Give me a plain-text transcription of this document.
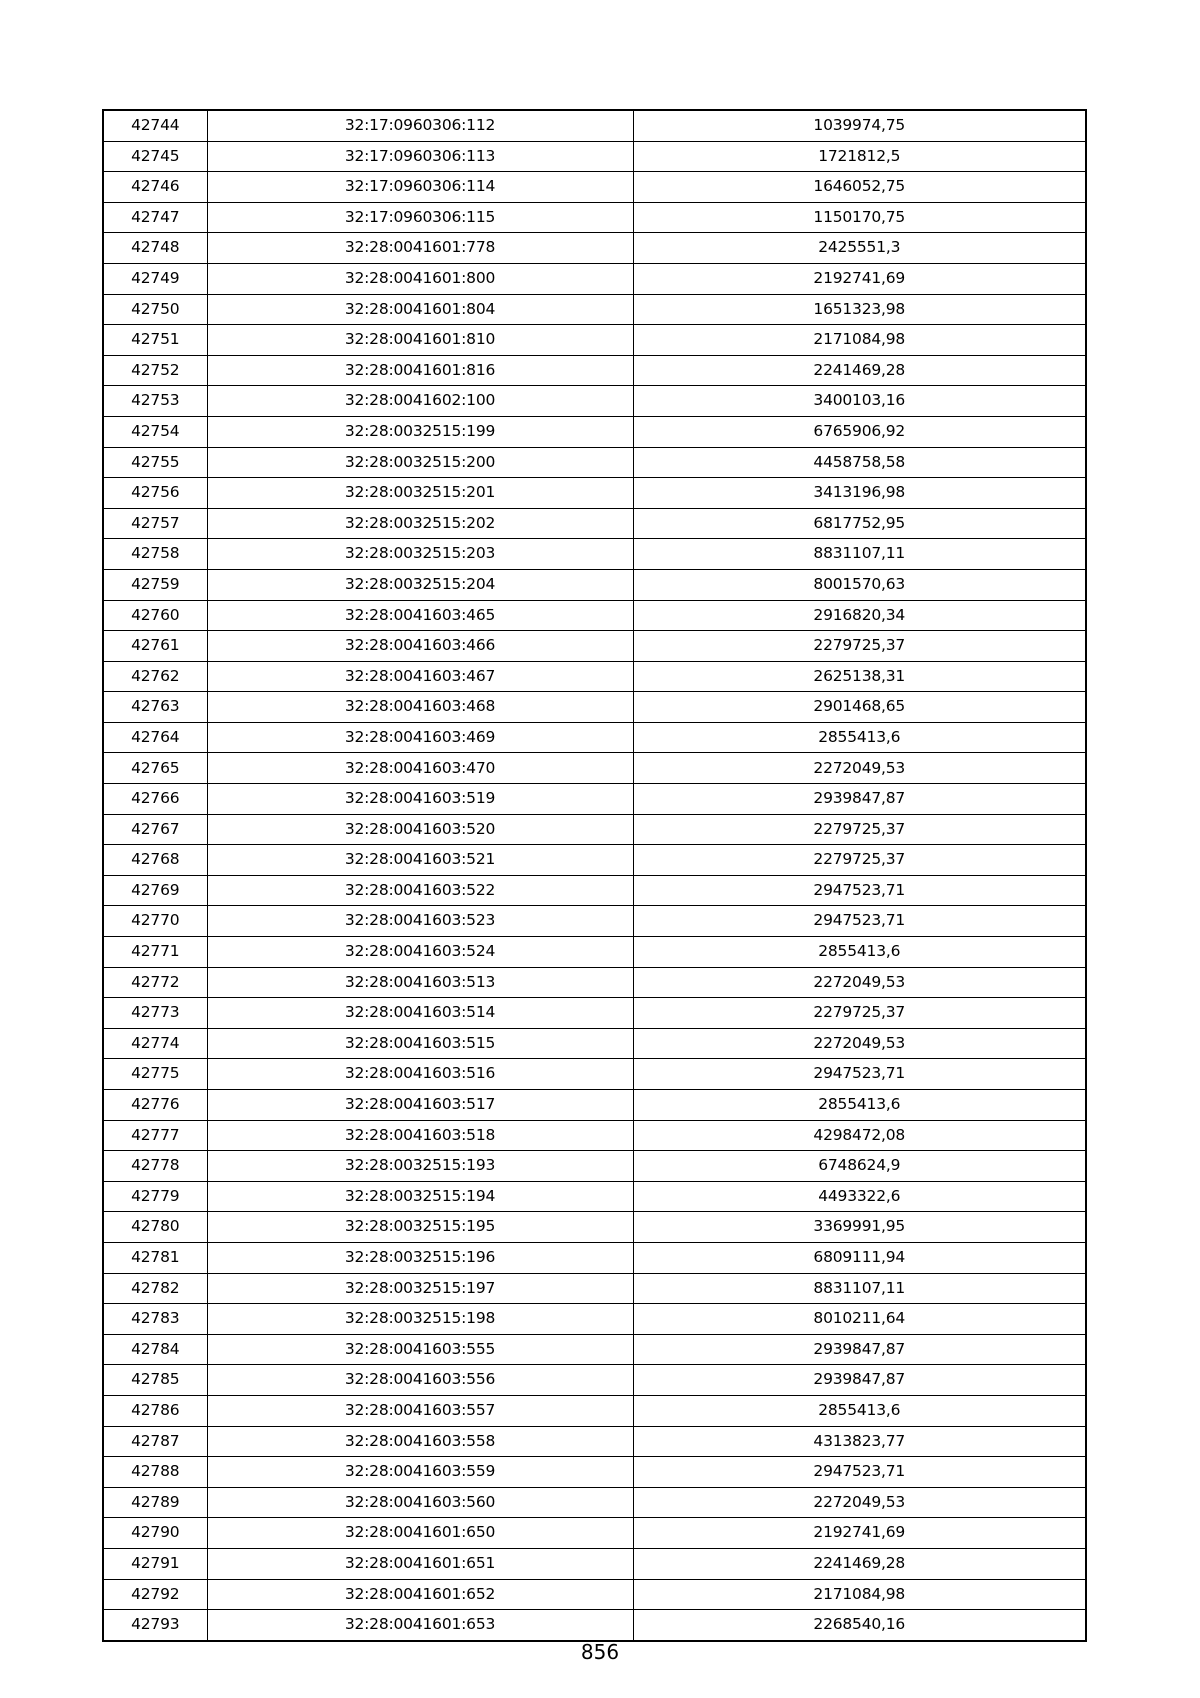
42744	32:17:0960306:112	1039974,75
42745	32:17:0960306:113	1721812,5
42746	32:17:0960306:114	1646052,75
42747	32:17:0960306:115	1150170,75
42748	32:28:0041601:778	2425551,3
42749	32:28:0041601:800	2192741,69
42750	32:28:0041601:804	1651323,98
42751	32:28:0041601:810	2171084,98
42752	32:28:0041601:816	2241469,28
42753	32:28:0041602:100	3400103,16
42754	32:28:0032515:199	6765906,92
42755	32:28:0032515:200	4458758,58
42756	32:28:0032515:201	3413196,98
42757	32:28:0032515:202	6817752,95
42758	32:28:0032515:203	8831107,11
42759	32:28:0032515:204	8001570,63
42760	32:28:0041603:465	2916820,34
42761	32:28:0041603:466	2279725,37
42762	32:28:0041603:467	2625138,31
42763	32:28:0041603:468	2901468,65
42764	32:28:0041603:469	2855413,6
42765	32:28:0041603:470	2272049,53
42766	32:28:0041603:519	2939847,87
42767	32:28:0041603:520	2279725,37
42768	32:28:0041603:521	2279725,37
42769	32:28:0041603:522	2947523,71
42770	32:28:0041603:523	2947523,71
42771	32:28:0041603:524	2855413,6
42772	32:28:0041603:513	2272049,53
42773	32:28:0041603:514	2279725,37
42774	32:28:0041603:515	2272049,53
42775	32:28:0041603:516	2947523,71
42776	32:28:0041603:517	2855413,6
42777	32:28:0041603:518	4298472,08
42778	32:28:0032515:193	6748624,9
42779	32:28:0032515:194	4493322,6
42780	32:28:0032515:195	3369991,95
42781	32:28:0032515:196	6809111,94
42782	32:28:0032515:197	8831107,11
42783	32:28:0032515:198	8010211,64
42784	32:28:0041603:555	2939847,87
42785	32:28:0041603:556	2939847,87
42786	32:28:0041603:557	2855413,6
42787	32:28:0041603:558	4313823,77
42788	32:28:0041603:559	2947523,71
42789	32:28:0041603:560	2272049,53
42790	32:28:0041601:650	2192741,69
42791	32:28:0041601:651	2241469,28
42792	32:28:0041601:652	2171084,98
42793	32:28:0041601:653	2268540,16
856
